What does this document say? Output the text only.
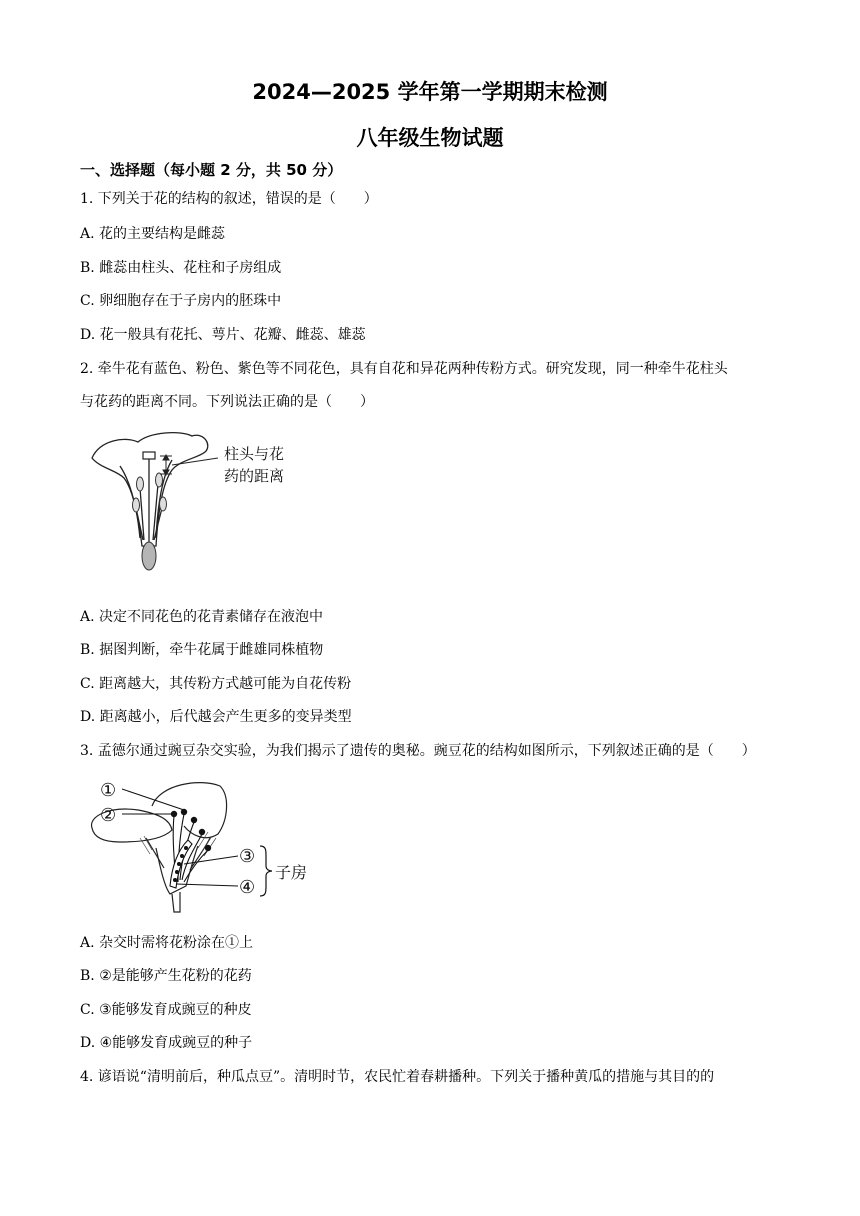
2024—2025 学年第一学期期末检测
八年级生物试题
一、选择题（每小题 2 分，共 50 分）
1. 下列关于花的结构的叙述，错误的是（　　）
A. 花的主要结构是雌蕊
B. 雌蕊由柱头、花柱和子房组成
C. 卵细胞存在于子房内的胚珠中
D. 花一般具有花托、萼片、花瓣、雌蕊、雄蕊
2. 牵牛花有蓝色、粉色、紫色等不同花色，具有自花和异花两种传粉方式。研究发现，同一种牵牛花柱头
与花药的距离不同。下列说法正确的是（　　）
柱头与花
药的距离
A. 决定不同花色的花青素储存在液泡中
B. 据图判断，牵牛花属于雌雄同株植物
C. 距离越大，其传粉方式越可能为自花传粉
D. 距离越小，后代越会产生更多的变异类型
3. 孟德尔通过豌豆杂交实验，为我们揭示了遗传的奥秘。豌豆花的结构如图所示，下列叙述正确的是（　　）
①
②
③
④
子房
A. 杂交时需将花粉涂在①上
B. ②是能够产生花粉的花药
C. ③能够发育成豌豆的种皮
D. ④能够发育成豌豆的种子
4. 谚语说“清明前后，种瓜点豆”。清明时节，农民忙着春耕播种。下列关于播种黄瓜的措施与其目的的
